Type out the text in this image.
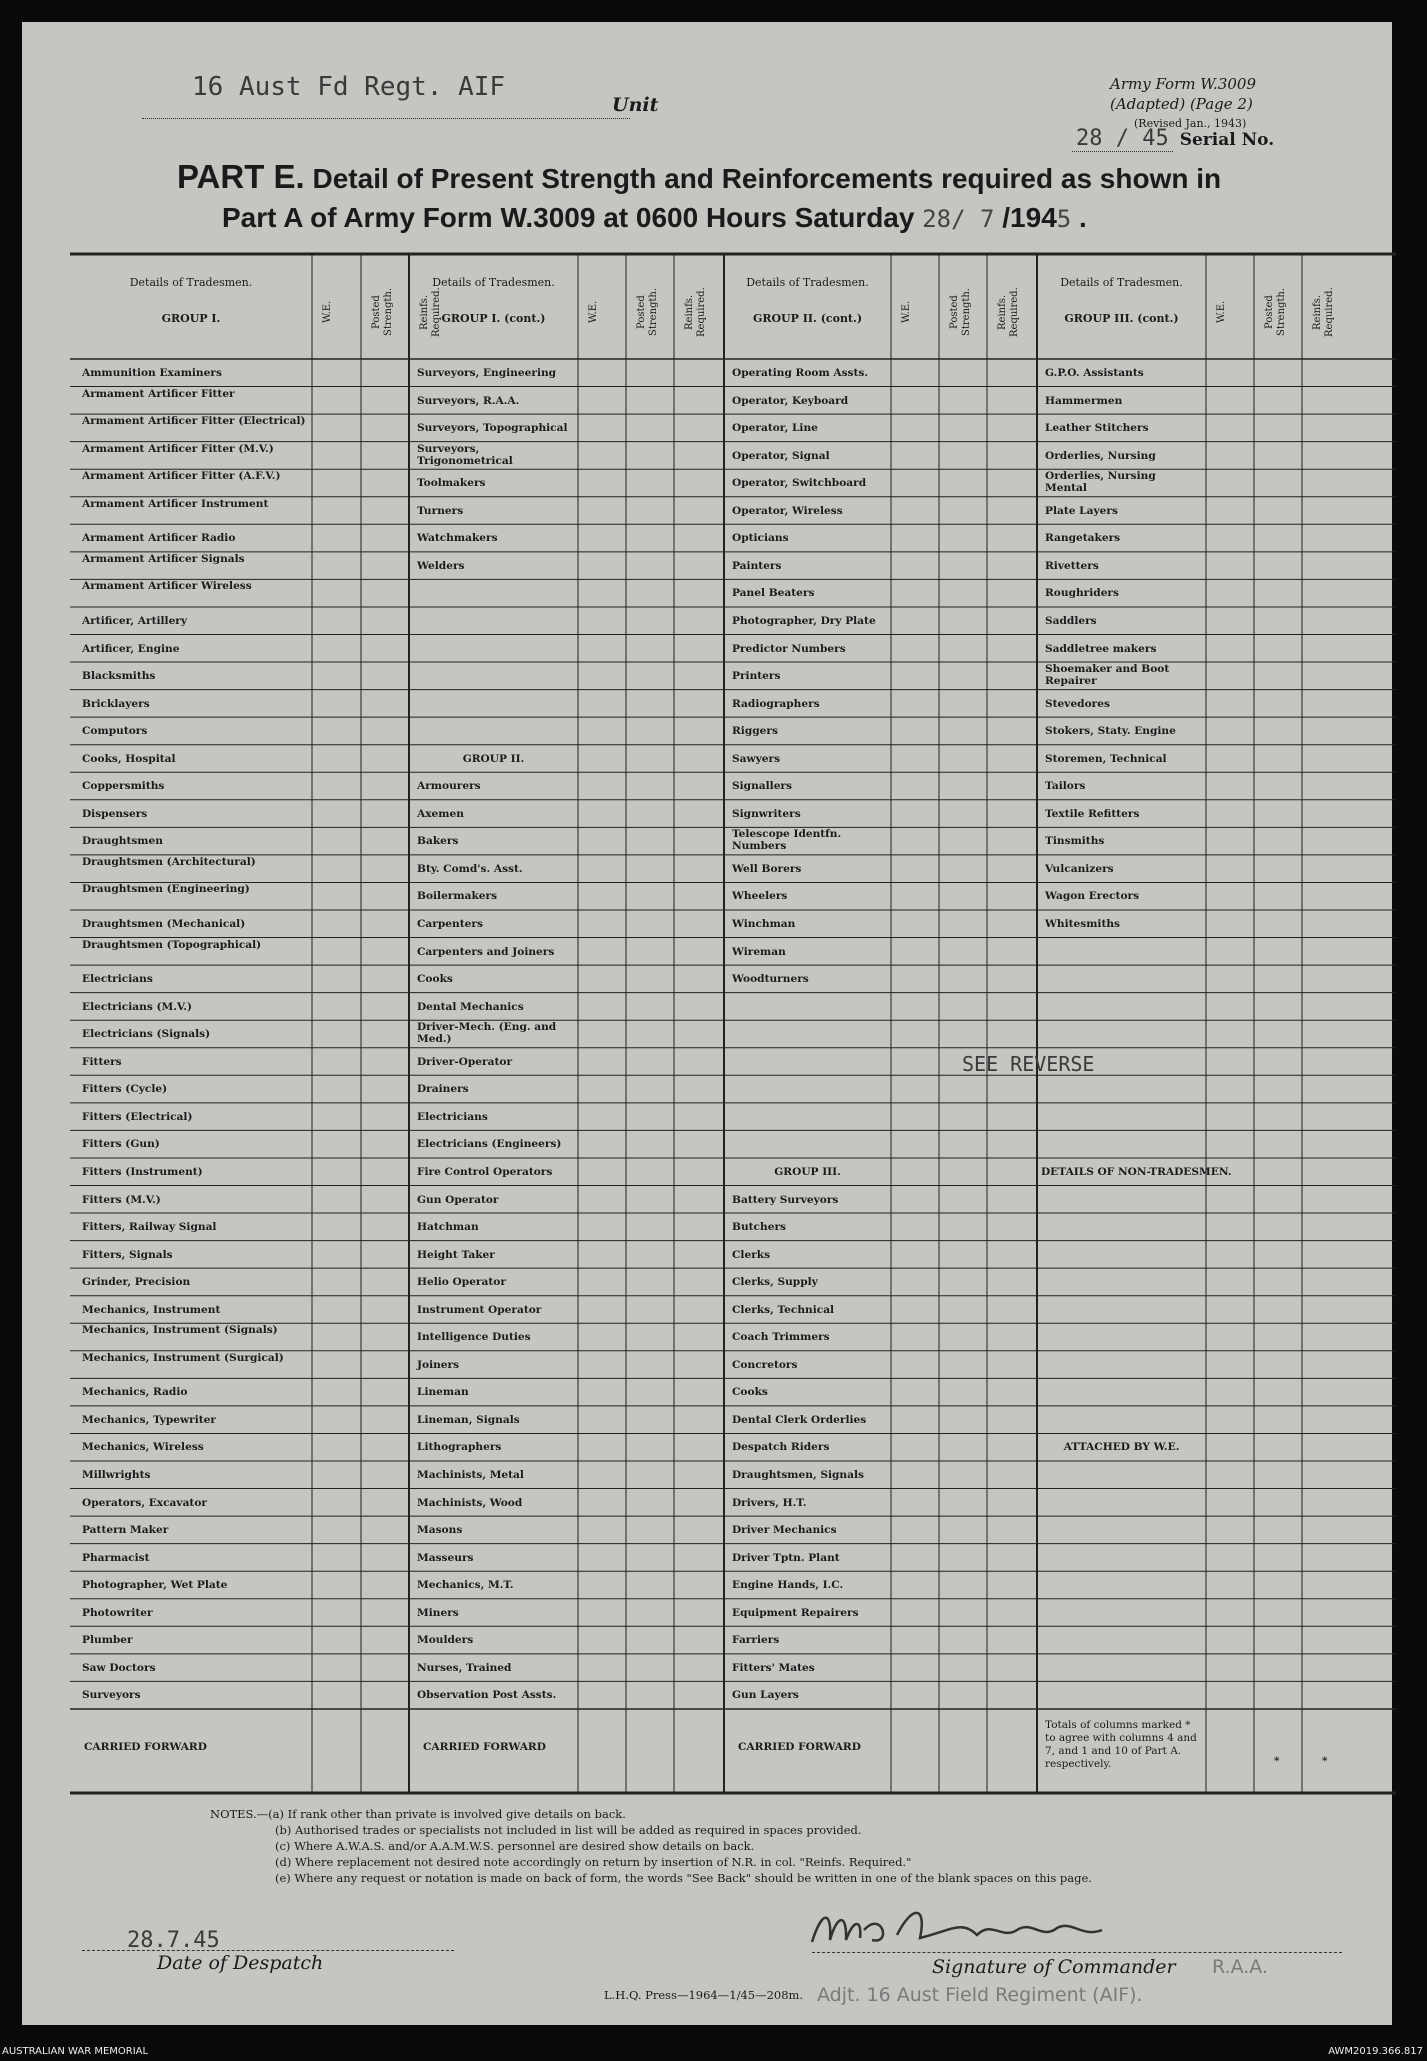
16 Aust Fd Regt. AIF
Unit
Army Form W.3009
(Adapted) (Page 2)
(Revised Jan., 1943)
28 / 45 Serial No.
PART E. Detail of Present Strength and Reinforcements required as shown in
Part A of Army Form W.3009 at 0600 Hours Saturday 28/ 7 /1945 .
Details of Tradesmen.
GROUP I.	W.E.	Posted Strength.	Reinfs. Required.
Details of Tradesmen.
GROUP I. (cont.)	W.E.	Posted Strength.	Reinfs. Required.
Details of Tradesmen.
GROUP II. (cont.)	W.E.	Posted Strength.	Reinfs. Required.
Details of Tradesmen.
GROUP III. (cont.)	W.E.	Posted Strength.	Reinfs. Required.
Ammunition Examiners
Armament Artificer Fitter
Armament Artificer Fitter (Electrical)
Armament Artificer Fitter (M.V.)
Armament Artificer Fitter (A.F.V.)
Armament Artificer Instrument
Armament Artificer Radio
Armament Artificer Signals
Armament Artificer Wireless
Artificer, Artillery
Artificer, Engine
Blacksmiths
Bricklayers
Computors
Cooks, Hospital
Coppersmiths
Dispensers
Draughtsmen
Draughtsmen (Architectural)
Draughtsmen (Engineering)
Draughtsmen (Mechanical)
Draughtsmen (Topographical)
Electricians
Electricians (M.V.)
Electricians (Signals)
Fitters
Fitters (Cycle)
Fitters (Electrical)
Fitters (Gun)
Fitters (Instrument)
Fitters (M.V.)
Fitters, Railway Signal
Fitters, Signals
Grinder, Precision
Mechanics, Instrument
Mechanics, Instrument (Signals)
Mechanics, Instrument (Surgical)
Mechanics, Radio
Mechanics, Typewriter
Mechanics, Wireless
Millwrights
Operators, Excavator
Pattern Maker
Pharmacist
Photographer, Wet Plate
Photowriter
Plumber
Saw Doctors
Surveyors
CARRIED FORWARD
Surveyors, Engineering
Surveyors, R.A.A.
Surveyors, Topographical
Surveyors, Trigonometrical
Toolmakers
Turners
Watchmakers
Welders
GROUP II.
Armourers
Axemen
Bakers
Bty. Comd's. Asst.
Boilermakers
Carpenters
Carpenters and Joiners
Cooks
Dental Mechanics
Driver-Mech. (Eng. and Med.)
Driver-Operator
Drainers
Electricians
Electricians (Engineers)
Fire Control Operators
Gun Operator
Hatchman
Height Taker
Helio Operator
Instrument Operator
Intelligence Duties
Joiners
Lineman
Lineman, Signals
Lithographers
Machinists, Metal
Machinists, Wood
Masons
Masseurs
Mechanics, M.T.
Miners
Moulders
Nurses, Trained
Observation Post Assts.
CARRIED FORWARD
Operating Room Assts.
Operator, Keyboard
Operator, Line
Operator, Signal
Operator, Switchboard
Operator, Wireless
Opticians
Painters
Panel Beaters
Photographer, Dry Plate
Predictor Numbers
Printers
Radiographers
Riggers
Sawyers
Signallers
Signwriters
Telescope Identfn. Numbers
Well Borers
Wheelers
Winchman
Wireman
Woodturners
GROUP III.
Battery Surveyors
Butchers
Clerks
Clerks, Supply
Clerks, Technical
Coach Trimmers
Concretors
Cooks
Dental Clerk Orderlies
Despatch Riders
Draughtsmen, Signals
Drivers, H.T.
Driver Mechanics
Driver Tptn. Plant
Engine Hands, I.C.
Equipment Repairers
Farriers
Fitters' Mates
Gun Layers
CARRIED FORWARD
G.P.O. Assistants
Hammermen
Leather Stitchers
Orderlies, Nursing
Orderlies, Nursing Mental
Plate Layers
Rangetakers
Rivetters
Roughriders
Saddlers
Saddletree makers
Shoemaker and Boot Repairer
Stevedores
Stokers, Staty. Engine
Storemen, Technical
Tailors
Textile Refitters
Tinsmiths
Vulcanizers
Wagon Erectors
Whitesmiths
DETAILS OF NON-TRADESMEN.
ATTACHED BY W.E.
Totals of columns marked * to agree with columns 4 and 7, and 1 and 10 of Part A. respectively.	*	*
SEE REVERSE
NOTES.—(a) If rank other than private is involved give details on back.
(b) Authorised trades or specialists not included in list will be added as required in spaces provided.
(c) Where A.W.A.S. and/or A.A.M.W.S. personnel are desired show details on back.
(d) Where replacement not desired note accordingly on return by insertion of N.R. in col. "Reinfs. Required."
(e) Where any request or notation is made on back of form, the words "See Back" should be written in one of the blank spaces on this page.
28.7.45
Date of Despatch	Signature of Commander R.A.A.
L.H.Q. Press—1964—1/45—208m. Adjt. 16 Aust Field Regiment (AIF).
AUSTRALIAN WAR MEMORIAL	AWM2019.366.817
